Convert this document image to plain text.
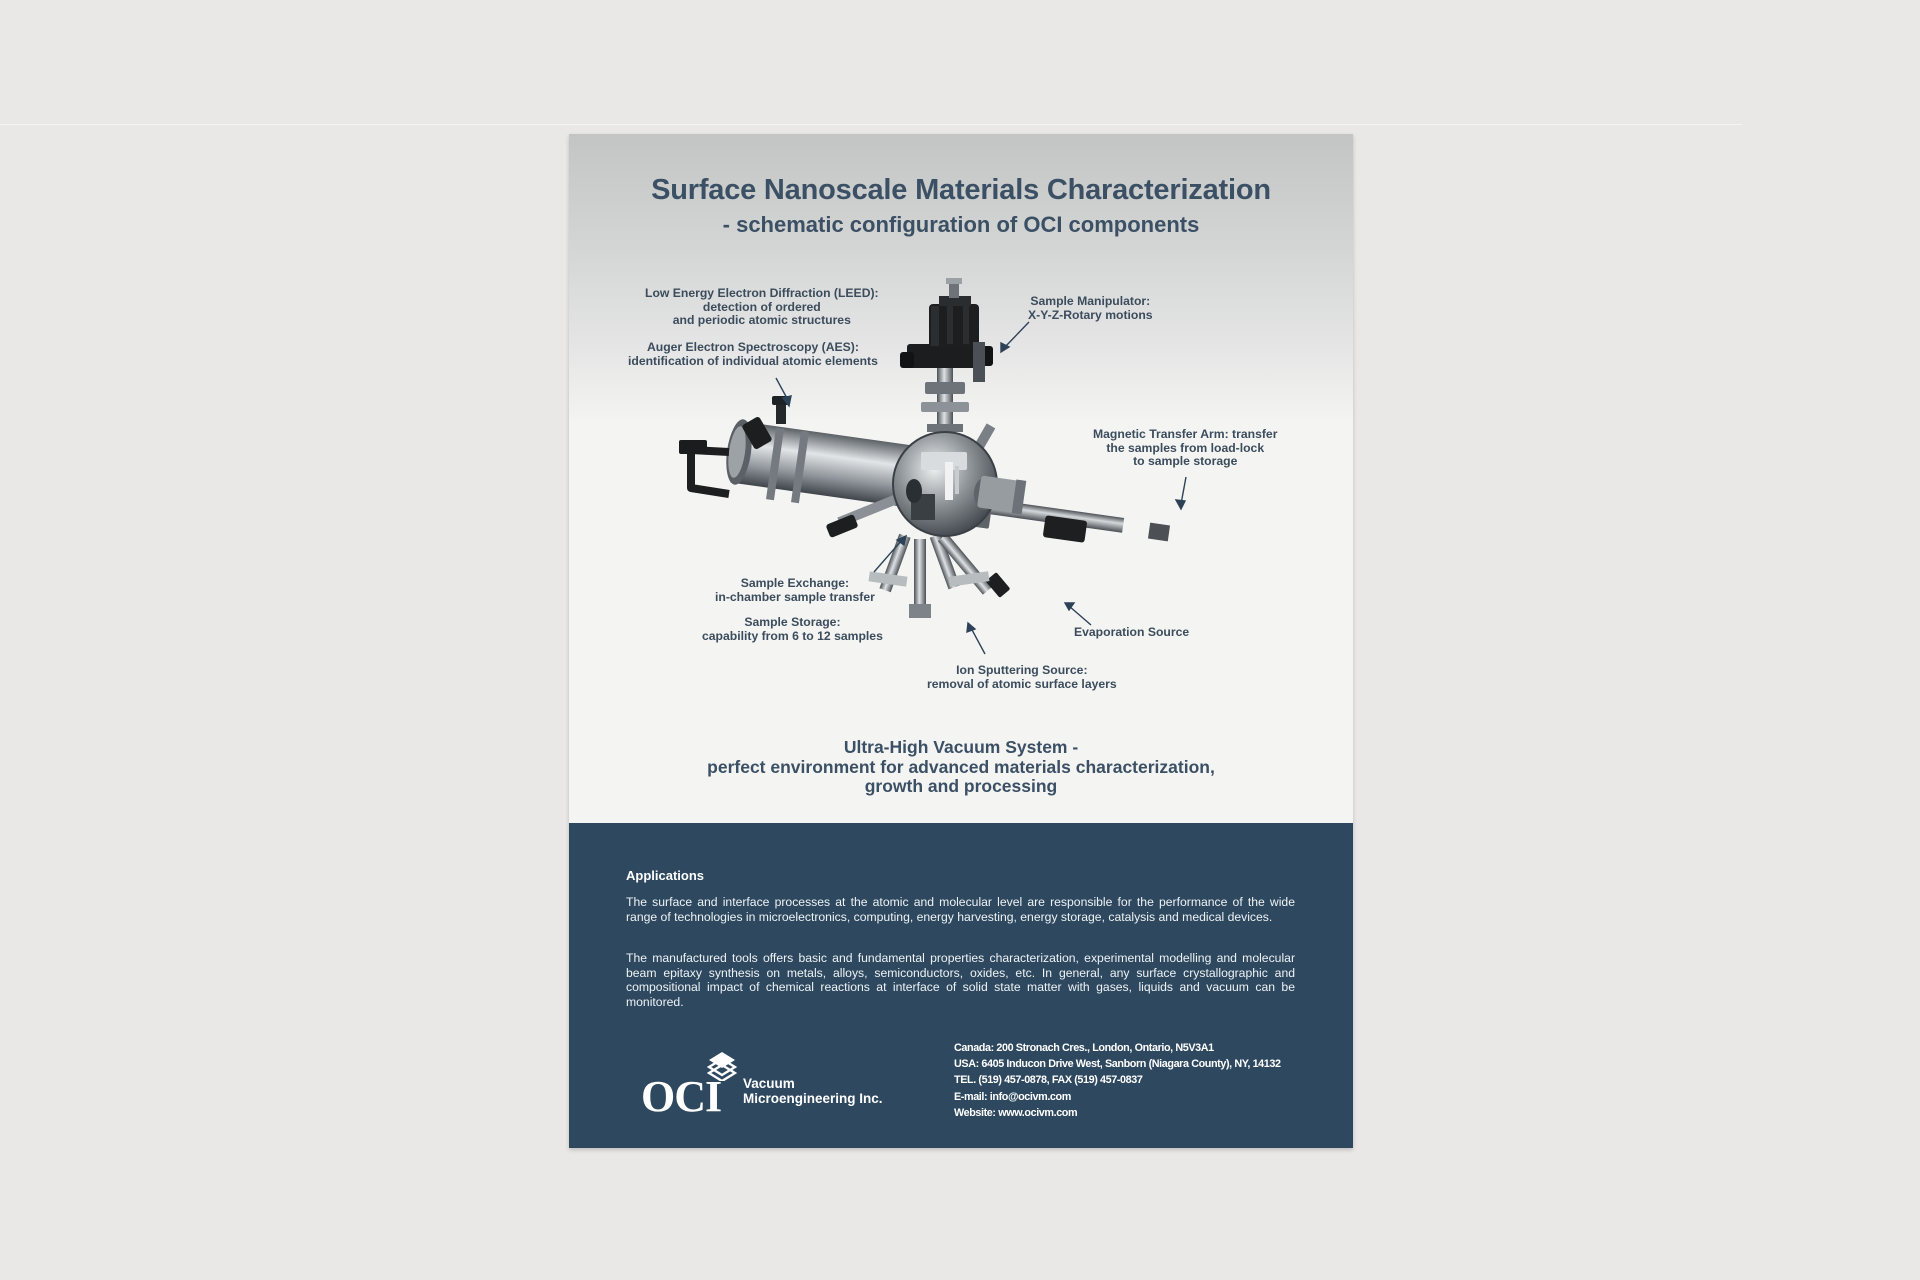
Surface Nanoscale Materials Characterization
- schematic configuration of OCI components
Low Energy Electron Diffraction (LEED):
detection of ordered
and periodic atomic structures
Auger Electron Spectroscopy (AES):
identification of individual atomic elements
Sample Manipulator:
X-Y-Z-Rotary motions
Magnetic Transfer Arm: transfer
the samples from load-lock
to sample storage
Sample Exchange:
in-chamber sample transfer
Sample Storage:
capability from 6 to 12 samples	Evaporation Source
Ion Sputtering Source:
removal of atomic surface layers
Ultra-High Vacuum System -
perfect environment for advanced materials characterization,
growth and processing
Applications
The surface and interface processes at the atomic and molecular level are responsible for the performance of the wide range of technologies in microelectronics, computing, energy harvesting, energy storage, catalysis and medical devices.
The manufactured tools offers basic and fundamental properties characterization, experimental modelling and molecular beam epitaxy synthesis on metals, alloys, semiconductors, oxides, etc. In general, any surface crystallographic and compositional impact of chemical reactions at interface of solid state matter with gases, liquids and vacuum can be monitored.
OCI Vacuum
Microengineering Inc.
Canada: 200 Stronach Cres., London, Ontario, N5V3A1
USA: 6405 Inducon Drive West, Sanborn (Niagara County), NY, 14132
TEL. (519) 457-0878, FAX (519) 457-0837
E-mail: info@ocivm.com
Website: www.ocivm.com
